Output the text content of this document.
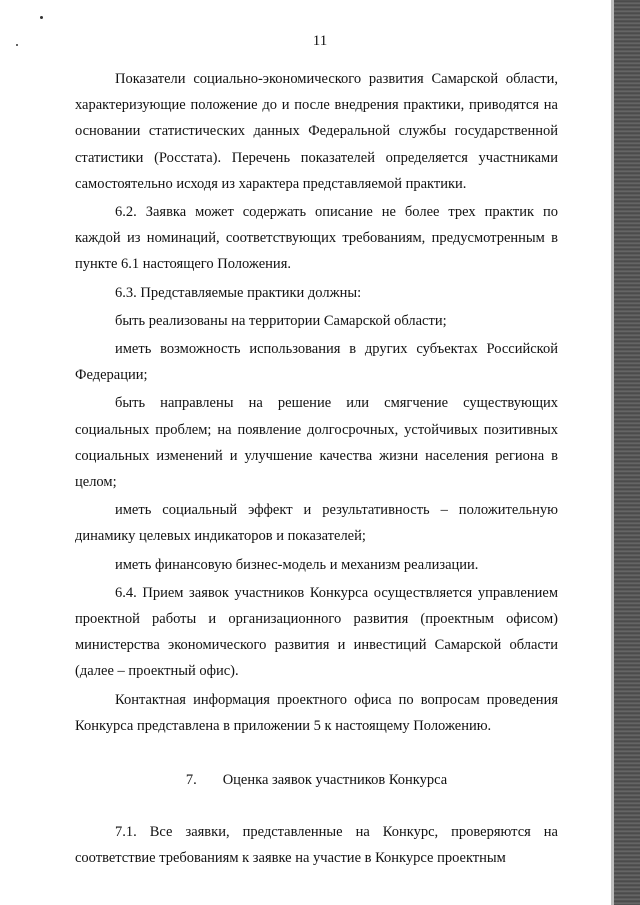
11

Показатели социально-экономического развития Самарской области, характеризующие положение до и после внедрения практики, приводятся на основании статистических данных Федеральной службы государственной статистики (Росстата). Перечень показателей определяется участниками самостоятельно исходя из характера представляемой практики.

6.2. Заявка может содержать описание не более трех практик по каждой из номинаций, соответствующих требованиям, предусмотренным в пункте 6.1 настоящего Положения.

6.3. Представляемые практики должны:

быть реализованы на территории Самарской области;

иметь возможность использования в других субъектах Российской Федерации;

быть направлены на решение или смягчение существующих социальных проблем; на появление долгосрочных, устойчивых позитивных социальных изменений и улучшение качества жизни населения региона в целом;

иметь социальный эффект и результативность – положительную динамику целевых индикаторов и показателей;

иметь финансовую бизнес-модель и механизм реализации.

6.4. Прием заявок участников Конкурса осуществляется управлением проектной работы и организационного развития (проектным офисом) министерства экономического развития и инвестиций Самарской области (далее – проектный офис).

Контактная информация проектного офиса по вопросам проведения Конкурса представлена в приложении 5 к настоящему Положению.

7. Оценка заявок участников Конкурса

7.1. Все заявки, представленные на Конкурс, проверяются на соответствие требованиям к заявке на участие в Конкурсе проектным
